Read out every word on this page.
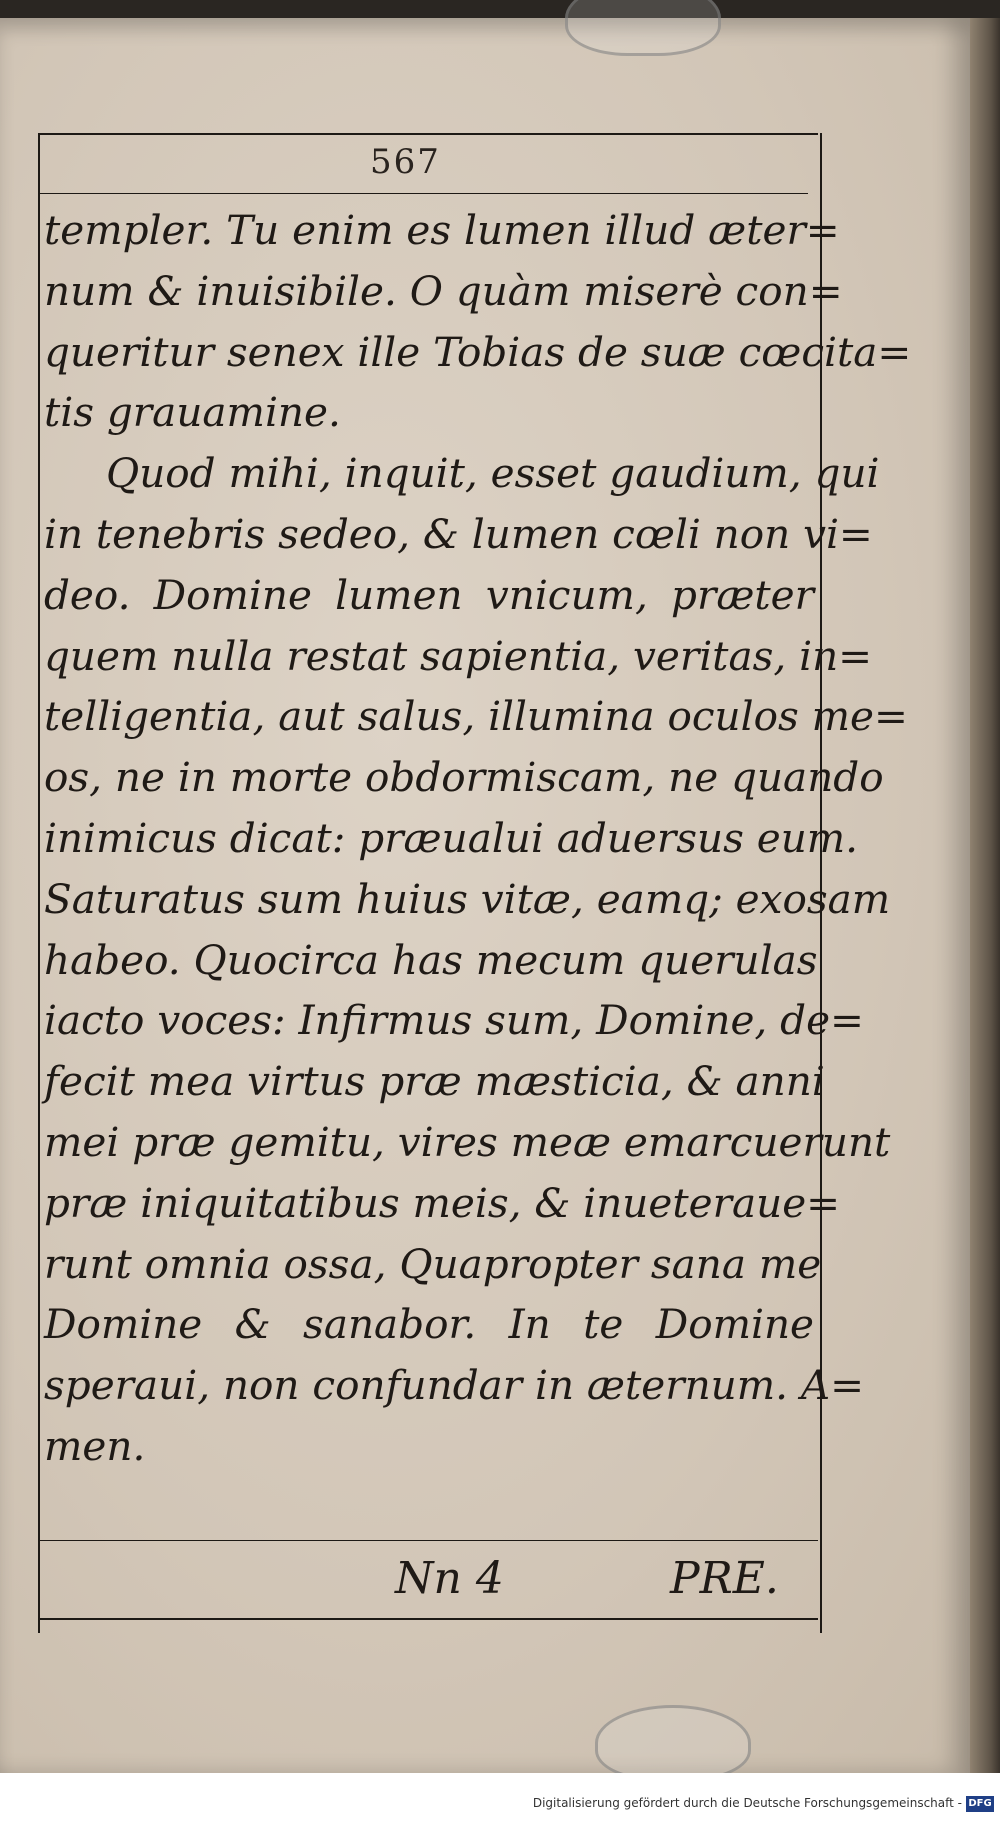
567
templer. Tu enim es lumen illud æter=
num & inuisibile. O quàm miserè con=
queritur senex ille Tobias de suæ cœcita=
tis grauamine.
Quod mihi, inquit, esset gaudium, qui
in tenebris sedeo, & lumen cœli non vi=
deo. Domine lumen vnicum, præter
quem nulla restat sapientia, veritas, in=
telligentia, aut salus, illumina oculos me=
os, ne in morte obdormiscam, ne quando
inimicus dicat: præualui aduersus eum.
Saturatus sum huius vitæ, eamq; exosam
habeo. Quocirca has mecum querulas
iacto voces: Infirmus sum, Domine, de=
fecit mea virtus præ mæsticia, & anni
mei præ gemitu, vires meæ emarcuerunt
præ iniquitatibus meis, & inueteraue=
runt omnia ossa, Quapropter sana me
Domine & sanabor. In te Domine
speraui, non confundar in æternum. A=
men.
Nn 4	PRE.
Digitalisierung gefördert durch die Deutsche Forschungsgemeinschaft - DFG
